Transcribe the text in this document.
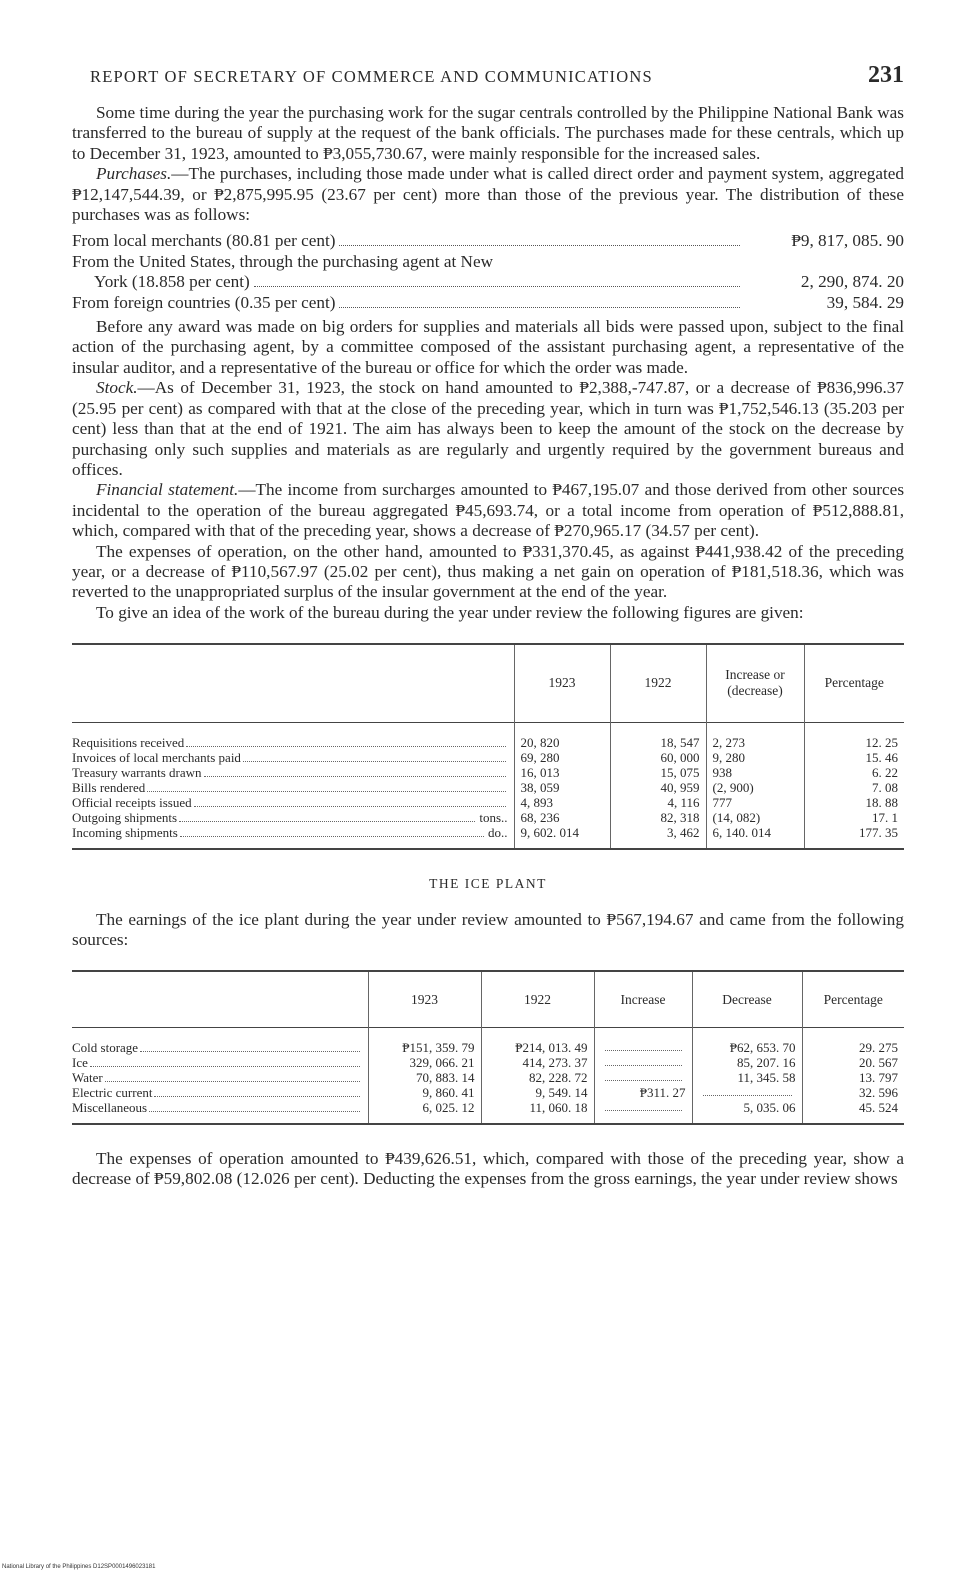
REPORT OF SECRETARY OF COMMERCE AND COMMUNICATIONS	231

Some time during the year the purchasing work for the sugar centrals controlled by the Philippine National Bank was transferred to the bureau of supply at the request of the bank officials. The purchases made for these centrals, which up to December 31, 1923, amounted to ₱3,055,730.67, were mainly responsible for the increased sales.

Purchases.—The purchases, including those made under what is called direct order and payment system, aggregated ₱12,147,544.39, or ₱2,875,995.95 (23.67 per cent) more than those of the previous year. The distribution of these purchases was as follows:

From local merchants (80.81 per cent)	₱9, 817, 085. 90
From the United States, through the purchasing agent at New
York (18.858 per cent)	2, 290, 874. 20
From foreign countries (0.35 per cent)	39, 584. 29

Before any award was made on big orders for supplies and materials all bids were passed upon, subject to the final action of the purchasing agent, by a committee composed of the assistant purchasing agent, a representative of the insular auditor, and a representative of the bureau or office for which the order was made.

Stock.—As of December 31, 1923, the stock on hand amounted to ₱2,388,-747.87, or a decrease of ₱836,996.37 (25.95 per cent) as compared with that at the close of the preceding year, which in turn was ₱1,752,546.13 (35.203 per cent) less than that at the end of 1921. The aim has always been to keep the amount of the stock on the decrease by purchasing only such supplies and materials as are regularly and urgently required by the government bureaus and offices.

Financial statement.—The income from surcharges amounted to ₱467,195.07 and those derived from other sources incidental to the operation of the bureau aggregated ₱45,693.74, or a total income from operation of ₱512,888.81, which, compared with that of the preceding year, shows a decrease of ₱270,965.17 (34.57 per cent).

The expenses of operation, on the other hand, amounted to ₱331,370.45, as against ₱441,938.42 of the preceding year, or a decrease of ₱110,567.97 (25.02 per cent), thus making a net gain on operation of ₱181,518.36, which was reverted to the unappropriated surplus of the insular government at the end of the year.

To give an idea of the work of the bureau during the year under review the following figures are given:

	1923	1922	Increase or (decrease)	Percentage

Requisitions received	20, 820	18, 547	2, 273	12. 25

Invoices of local merchants paid	69, 280	60, 000	9, 280	15. 46

Treasury warrants drawn	16, 013	15, 075	938	6. 22

Bills rendered	38, 059	40, 959	(2, 900)	7. 08

Official receipts issued	4, 893	4, 116	777	18. 88

Outgoing shipments tons..	68, 236	82, 318	(14, 082)	17. 1

Incoming shipments do..	9, 602. 014	3, 462	6, 140. 014	177. 35
THE ICE PLANT

The earnings of the ice plant during the year under review amounted to ₱567,194.67 and came from the following sources:

	1923	1922	Increase	Decrease	Percentage

Cold storage	₱151, 359. 79	₱214, 013. 49		₱62, 653. 70	29. 275

Ice	329, 066. 21	414, 273. 37		85, 207. 16	20. 567

Water	70, 883. 14	82, 228. 72		11, 345. 58	13. 797

Electric current	9, 860. 41	9, 549. 14	₱311. 27		32. 596

Miscellaneous	6, 025. 12	11, 060. 18		5, 035. 06	45. 524

The expenses of operation amounted to ₱439,626.51, which, compared with those of the preceding year, show a decrease of ₱59,802.08 (12.026 per cent). Deducting the expenses from the gross earnings, the year under review shows

National Library of the Philippines D12SP0001496023181
